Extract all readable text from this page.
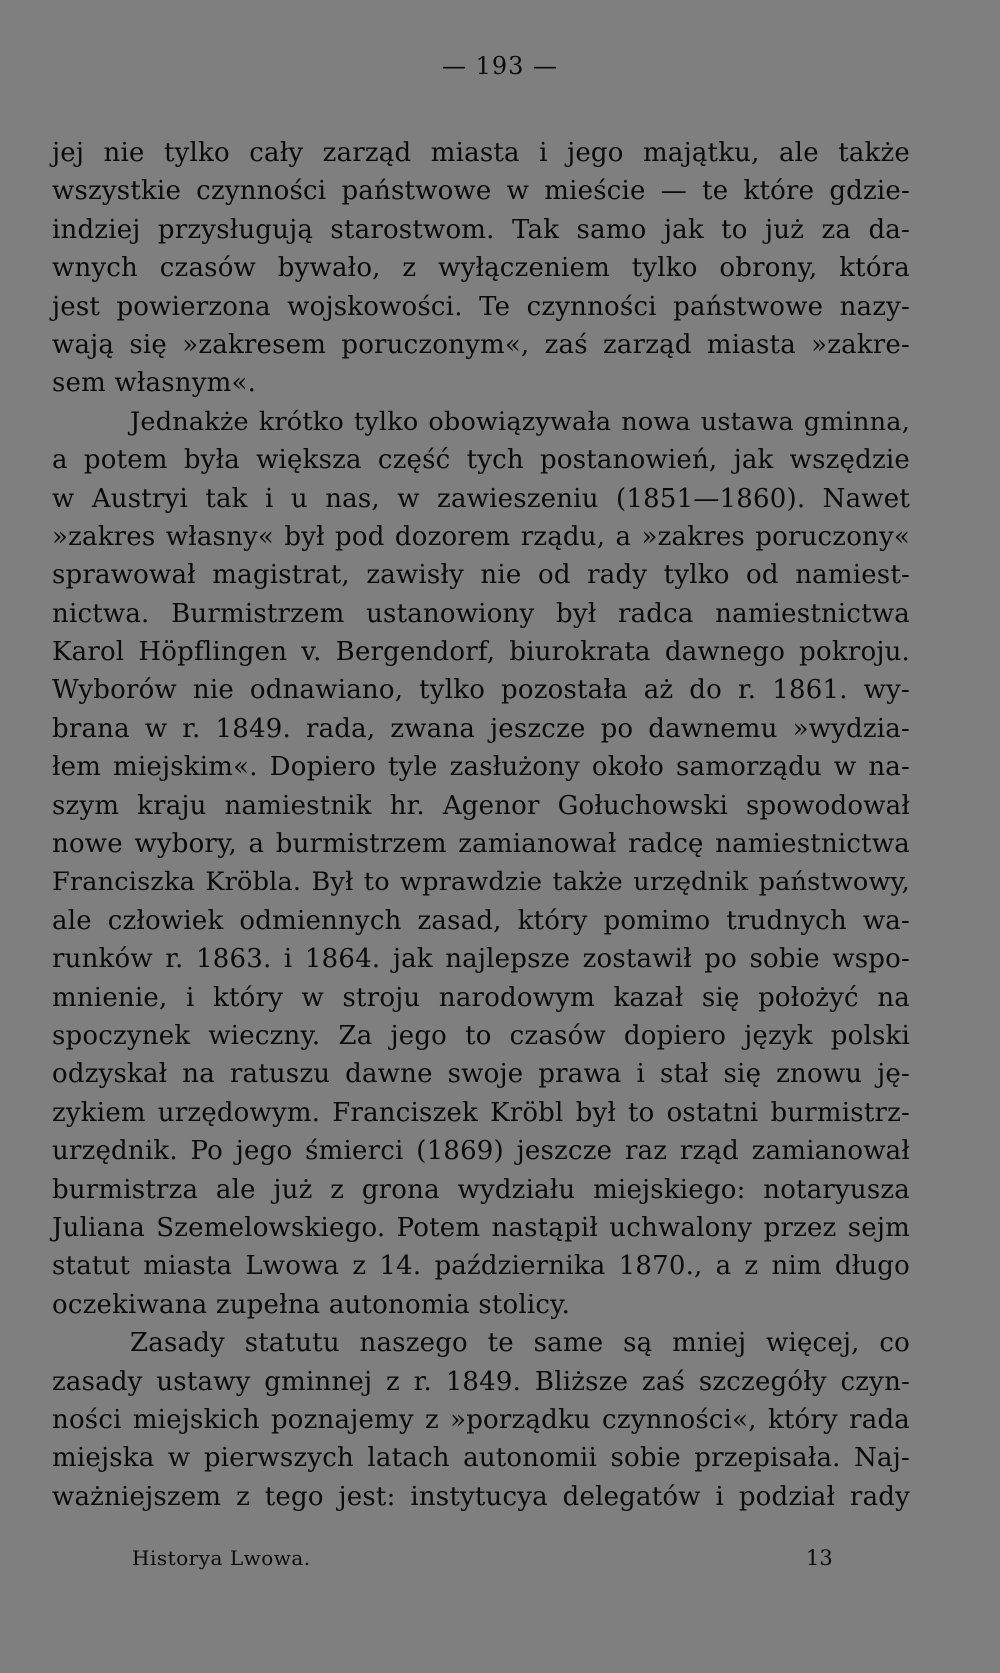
— 193 —
jej nie tylko cały zarząd miasta i jego majątku, ale także
wszystkie czynności państwowe w mieście — te które gdzie-
indziej przysługują starostwom. Tak samo jak to już za da-
wnych czasów bywało, z wyłączeniem tylko obrony, która
jest powierzona wojskowości. Te czynności państwowe nazy-
wają się »zakresem poruczonym«, zaś zarząd miasta »zakre-
sem własnym«.
Jednakże krótko tylko obowiązywała nowa ustawa gminna,
a potem była większa część tych postanowień, jak wszędzie
w Austryi tak i u nas, w zawieszeniu (1851—1860). Nawet
»zakres własny« był pod dozorem rządu, a »zakres poruczony«
sprawował magistrat, zawisły nie od rady tylko od namiest-
nictwa. Burmistrzem ustanowiony był radca namiestnictwa
Karol Höpflingen v. Bergendorf, biurokrata dawnego pokroju.
Wyborów nie odnawiano, tylko pozostała aż do r. 1861. wy-
brana w r. 1849. rada, zwana jeszcze po dawnemu »wydzia-
łem miejskim«. Dopiero tyle zasłużony około samorządu w na-
szym kraju namiestnik hr. Agenor Gołuchowski spowodował
nowe wybory, a burmistrzem zamianował radcę namiestnictwa
Franciszka Kröbla. Był to wprawdzie także urzędnik państwowy,
ale człowiek odmiennych zasad, który pomimo trudnych wa-
runków r. 1863. i 1864. jak najlepsze zostawił po sobie wspo-
mnienie, i który w stroju narodowym kazał się położyć na
spoczynek wieczny. Za jego to czasów dopiero język polski
odzyskał na ratuszu dawne swoje prawa i stał się znowu ję-
zykiem urzędowym. Franciszek Kröbl był to ostatni burmistrz-
urzędnik. Po jego śmierci (1869) jeszcze raz rząd zamianował
burmistrza ale już z grona wydziału miejskiego: notaryusza
Juliana Szemelowskiego. Potem nastąpił uchwalony przez sejm
statut miasta Lwowa z 14. października 1870., a z nim długo
oczekiwana zupełna autonomia stolicy.
Zasady statutu naszego te same są mniej więcej, co
zasady ustawy gminnej z r. 1849. Bliższe zaś szczegóły czyn-
ności miejskich poznajemy z »porządku czynności«, który rada
miejska w pierwszych latach autonomii sobie przepisała. Naj-
ważniejszem z tego jest: instytucya delegatów i podział rady
Historya Lwowa.	13
